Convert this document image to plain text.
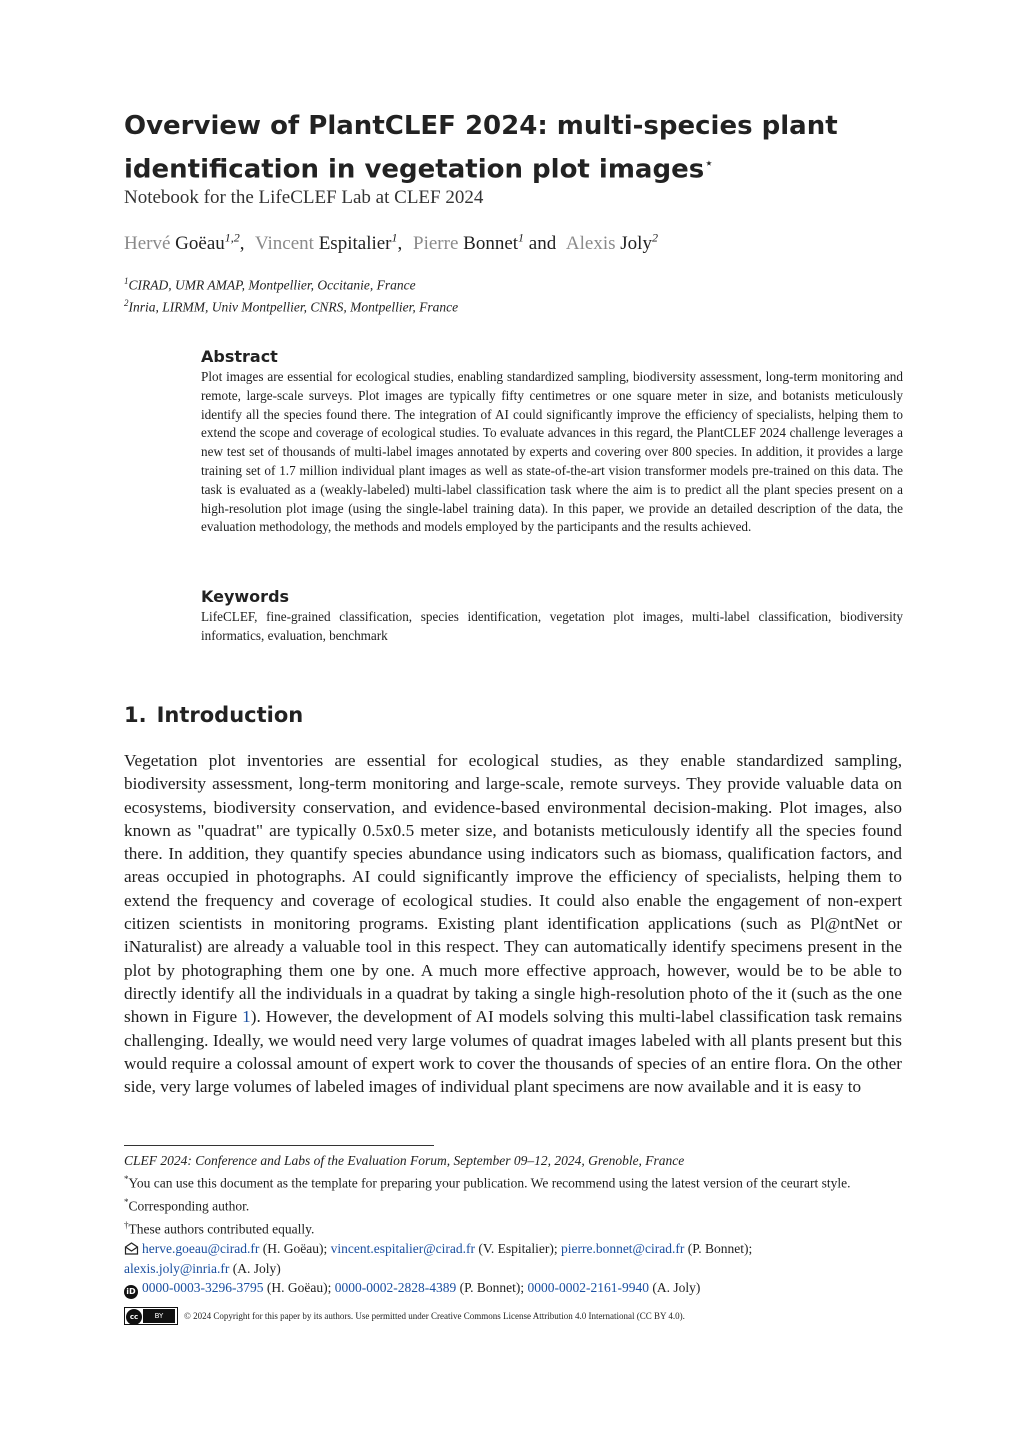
Overview of PlantCLEF 2024: multi-species plant
identification in vegetation plot images⋆
Notebook for the LifeCLEF Lab at CLEF 2024
Hervé Goëau$^{1,2}$, Vincent Espitalier$^1$, Pierre Bonnet$^1$ and Alexis Joly$^2$
$^1$CIRAD, UMR AMAP, Montpellier, Occitanie, France
$^2$Inria, LIRMM, Univ Montpellier, CNRS, Montpellier, France
Abstract

Plot images are essential for ecological studies, enabling standardized sampling, biodiversity assessment, long-term monitoring and remote, large-scale surveys. Plot images are typically fifty centimetres or one square meter in size, and botanists meticulously identify all the species found there. The integration of AI could significantly improve the efficiency of specialists, helping them to extend the scope and coverage of ecological studies. To evaluate advances in this regard, the PlantCLEF 2024 challenge leverages a new test set of thousands of multi-label images annotated by experts and covering over 800 species. In addition, it provides a large training set of 1.7 million individual plant images as well as state-of-the-art vision transformer models pre-trained on this data. The task is evaluated as a (weakly-labeled) multi-label classification task where the aim is to predict all the plant species present on a high-resolution plot image (using the single-label training data). In this paper, we provide an detailed description of the data, the evaluation methodology, the methods and models employed by the participants and the results achieved.

Keywords

LifeCLEF, fine-grained classification, species identification, vegetation plot images, multi-label classification, biodiversity informatics, evaluation, benchmark

1. Introduction

Vegetation plot inventories are essential for ecological studies, as they enable standardized sampling, biodiversity assessment, long-term monitoring and large-scale, remote surveys. They provide valuable data on ecosystems, biodiversity conservation, and evidence-based environmental decision-making. Plot images, also known as "quadrat" are typically 0.5x0.5 meter size, and botanists meticulously identify all the species found there. In addition, they quantify species abundance using indicators such as biomass, qualification factors, and areas occupied in photographs. AI could significantly improve the efficiency of specialists, helping them to extend the frequency and coverage of ecological studies. It could also enable the engagement of non-expert citizen scientists in monitoring programs. Existing plant identification applications (such as Pl@ntNet or iNaturalist) are already a valuable tool in this respect. They can automatically identify specimens present in the plot by photographing them one by one. A much more effective approach, however, would be to be able to directly identify all the individuals in a quadrat by taking a single high-resolution photo of the it (such as the one shown in Figure 1). However, the development of AI models solving this multi-label classification task remains challenging. Ideally, we would need very large volumes of quadrat images labeled with all plants present but this would require a colossal amount of expert work to cover the thousands of species of an entire flora. On the other side, very large volumes of labeled images of individual plant specimens are now available and it is easy to

CLEF 2024: Conference and Labs of the Evaluation Forum, September 09–12, 2024, Grenoble, France
*You can use this document as the template for preparing your publication. We recommend using the latest version of the ceurart style.
*Corresponding author.
†These authors contributed equally.
herve.goeau@cirad.fr (H. Goëau); vincent.espitalier@cirad.fr (V. Espitalier); pierre.bonnet@cirad.fr (P. Bonnet);
alexis.joly@inria.fr (A. Joly)
iD 0000-0003-3296-3795 (H. Goëau); 0000-0002-2828-4389 (P. Bonnet); 0000-0002-2161-9940 (A. Joly)
cc	BY	© 2024 Copyright for this paper by its authors. Use permitted under Creative Commons License Attribution 4.0 International (CC BY 4.0).
